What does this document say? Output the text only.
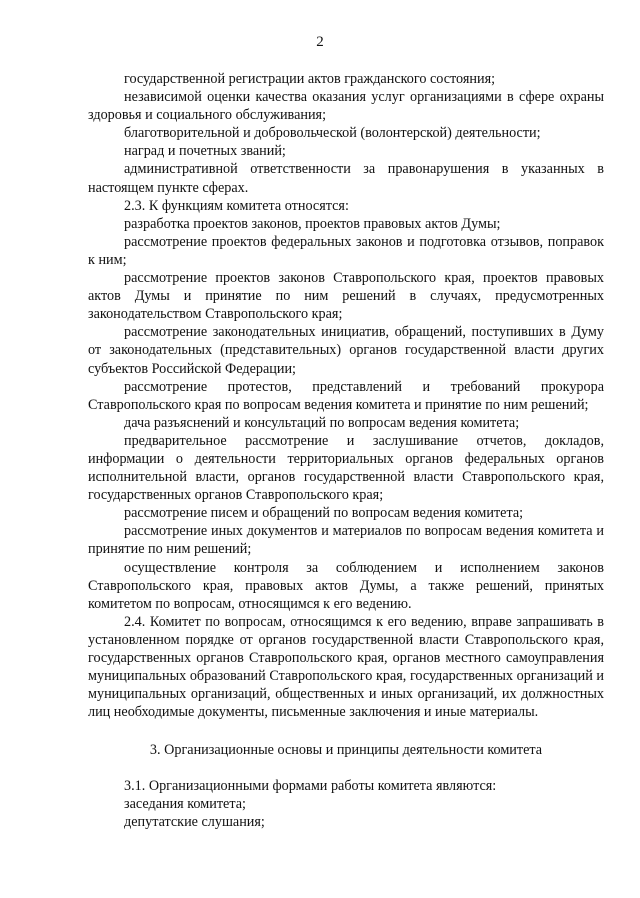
2

государственной регистрации актов гражданского состояния;

независимой оценки качества оказания услуг организациями в сфере охраны здоровья и социального обслуживания;

благотворительной и добровольческой (волонтерской) деятельности;

наград и почетных званий;

административной ответственности за правонарушения в указанных в настоящем пункте сферах.

2.3. К функциям комитета относятся:

разработка проектов законов, проектов правовых актов Думы;

рассмотрение проектов федеральных законов и подготовка отзывов, поправок к ним;

рассмотрение проектов законов Ставропольского края, проектов правовых актов Думы и принятие по ним решений в случаях, предусмотренных законодательством Ставропольского края;

рассмотрение законодательных инициатив, обращений, поступивших в Думу от законодательных (представительных) органов государственной власти других субъектов Российской Федерации;

рассмотрение протестов, представлений и требований прокурора Ставропольского края по вопросам ведения комитета и принятие по ним решений;

дача разъяснений и консультаций по вопросам ведения комитета;

предварительное рассмотрение и заслушивание отчетов, докладов, информации о деятельности территориальных органов федеральных органов исполнительной власти, органов государственной власти Ставропольского края, государственных органов Ставропольского края;

рассмотрение писем и обращений по вопросам ведения комитета;

рассмотрение иных документов и материалов по вопросам ведения комитета и принятие по ним решений;

осуществление контроля за соблюдением и исполнением законов Ставропольского края, правовых актов Думы, а также решений, принятых комитетом по вопросам, относящимся к его ведению.

2.4. Комитет по вопросам, относящимся к его ведению, вправе запрашивать в установленном порядке от органов государственной власти Ставропольского края, государственных органов Ставропольского края, органов местного самоуправления муниципальных образований Ставропольского края, государственных организаций и муниципальных организаций, общественных и иных организаций, их должностных лиц необходимые документы, письменные заключения и иные материалы.

3. Организационные основы и принципы деятельности комитета

3.1. Организационными формами работы комитета являются:

заседания комитета;

депутатские слушания;
